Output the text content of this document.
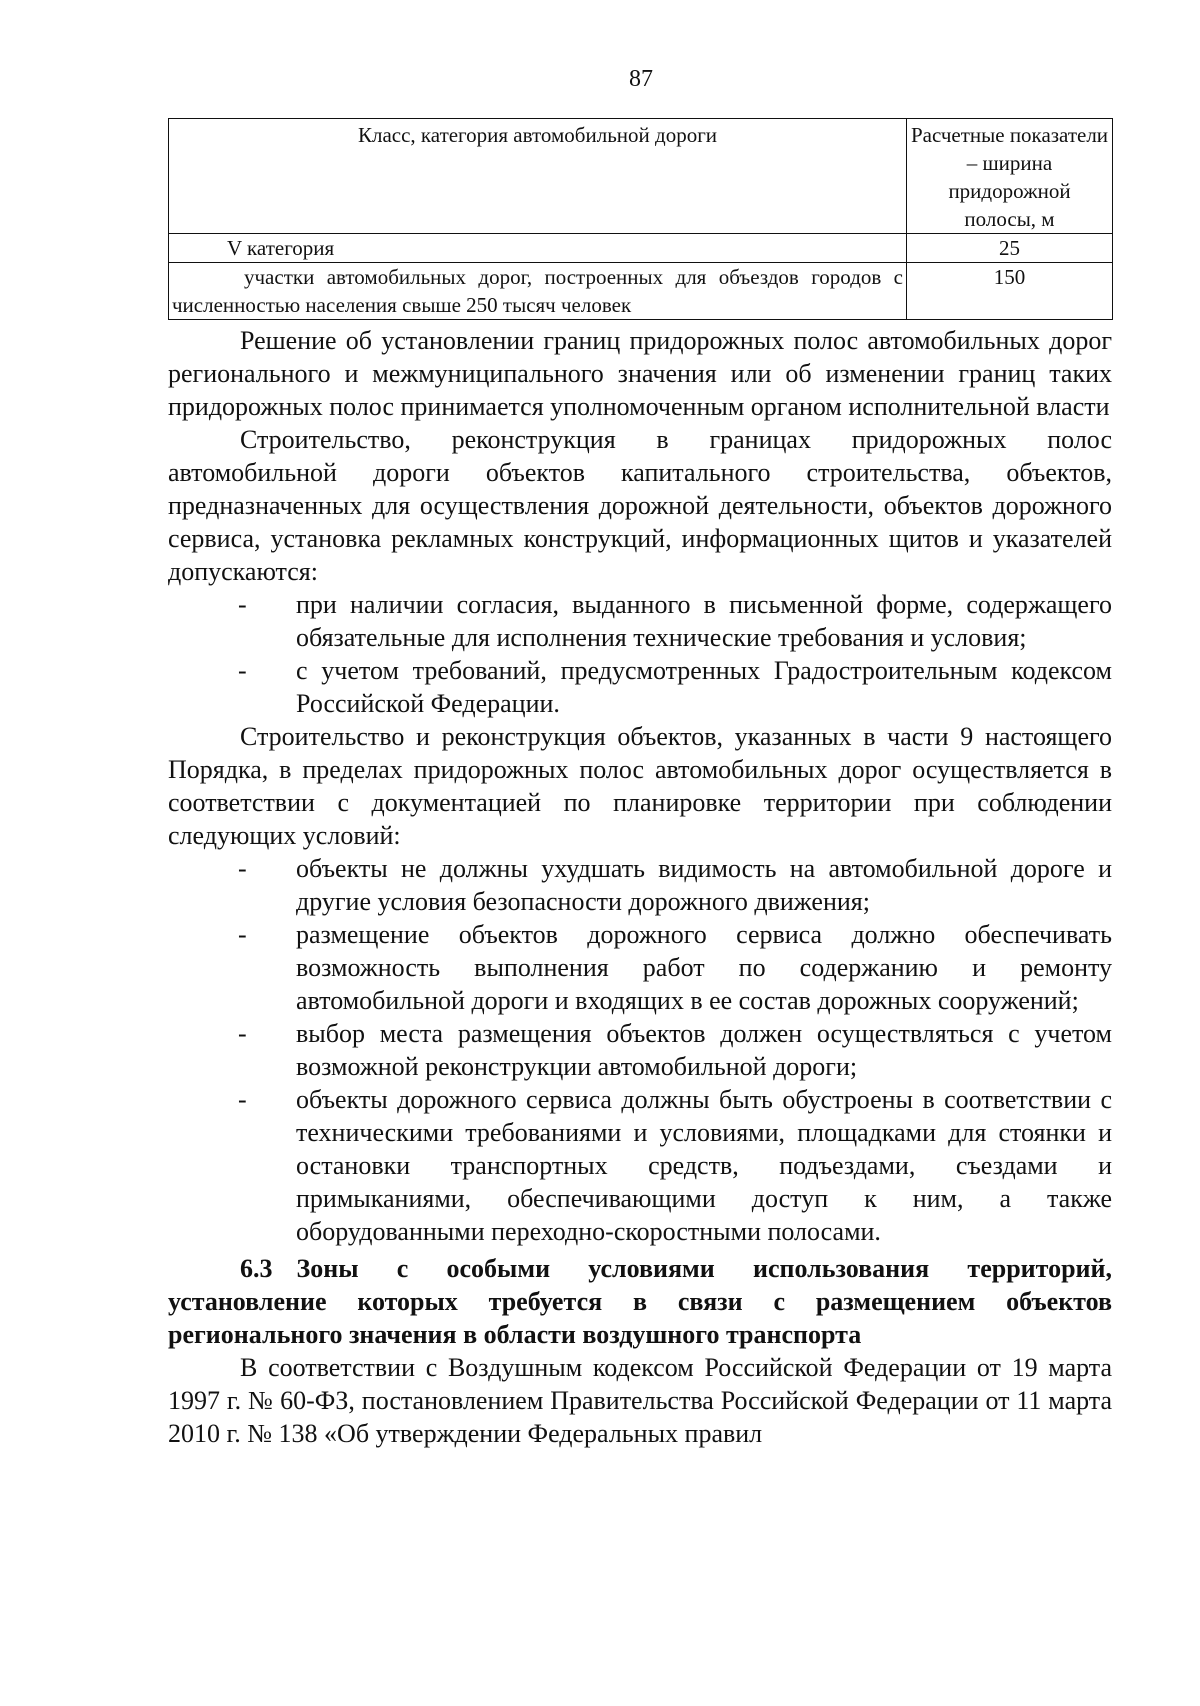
87
Класс, категория автомобильной дороги	Расчетные показатели – ширина придорожной полосы, м
V категория	25
участки автомобильных дорог, построенных для объездов городов с численностью населения свыше 250 тысяч человек	150

Решение об установлении границ придорожных полос автомобильных дорог регионального и межмуниципального значения или об изменении границ таких придорожных полос принимается уполномоченным органом исполнительной власти

Строительство, реконструкция в границах придорожных полос автомобильной дороги объектов капитального строительства, объектов, предназначенных для осуществления дорожной деятельности, объектов дорожного сервиса, установка рекламных конструкций, информационных щитов и указателей допускаются:

- при наличии согласия, выданного в письменной форме, содержащего обязательные для исполнения технические требования и условия;
- с учетом требований, предусмотренных Градостроительным кодексом Российской Федерации.

Строительство и реконструкция объектов, указанных в части 9 настоящего Порядка, в пределах придорожных полос автомобильных дорог осуществляется в соответствии с документацией по планировке территории при соблюдении следующих условий:

- объекты не должны ухудшать видимость на автомобильной дороге и другие условия безопасности дорожного движения;
- размещение объектов дорожного сервиса должно обеспечивать возможность выполнения работ по содержанию и ремонту автомобильной дороги и входящих в ее состав дорожных сооружений;
- выбор места размещения объектов должен осуществляться с учетом возможной реконструкции автомобильной дороги;
- объекты дорожного сервиса должны быть обустроены в соответствии с техническими требованиями и условиями, площадками для стоянки и остановки транспортных средств, подъездами, съездами и примыканиями, обеспечивающими доступ к ним, а также оборудованными переходно-скоростными полосами.

6.3 Зоны с особыми условиями использования территорий, установление которых требуется в связи с размещением объектов регионального значения в области воздушного транспорта

В соответствии с Воздушным кодексом Российской Федерации от 19 марта 1997 г. № 60-ФЗ, постановлением Правительства Российской Федерации от 11 марта 2010 г. № 138 «Об утверждении Федеральных правил
